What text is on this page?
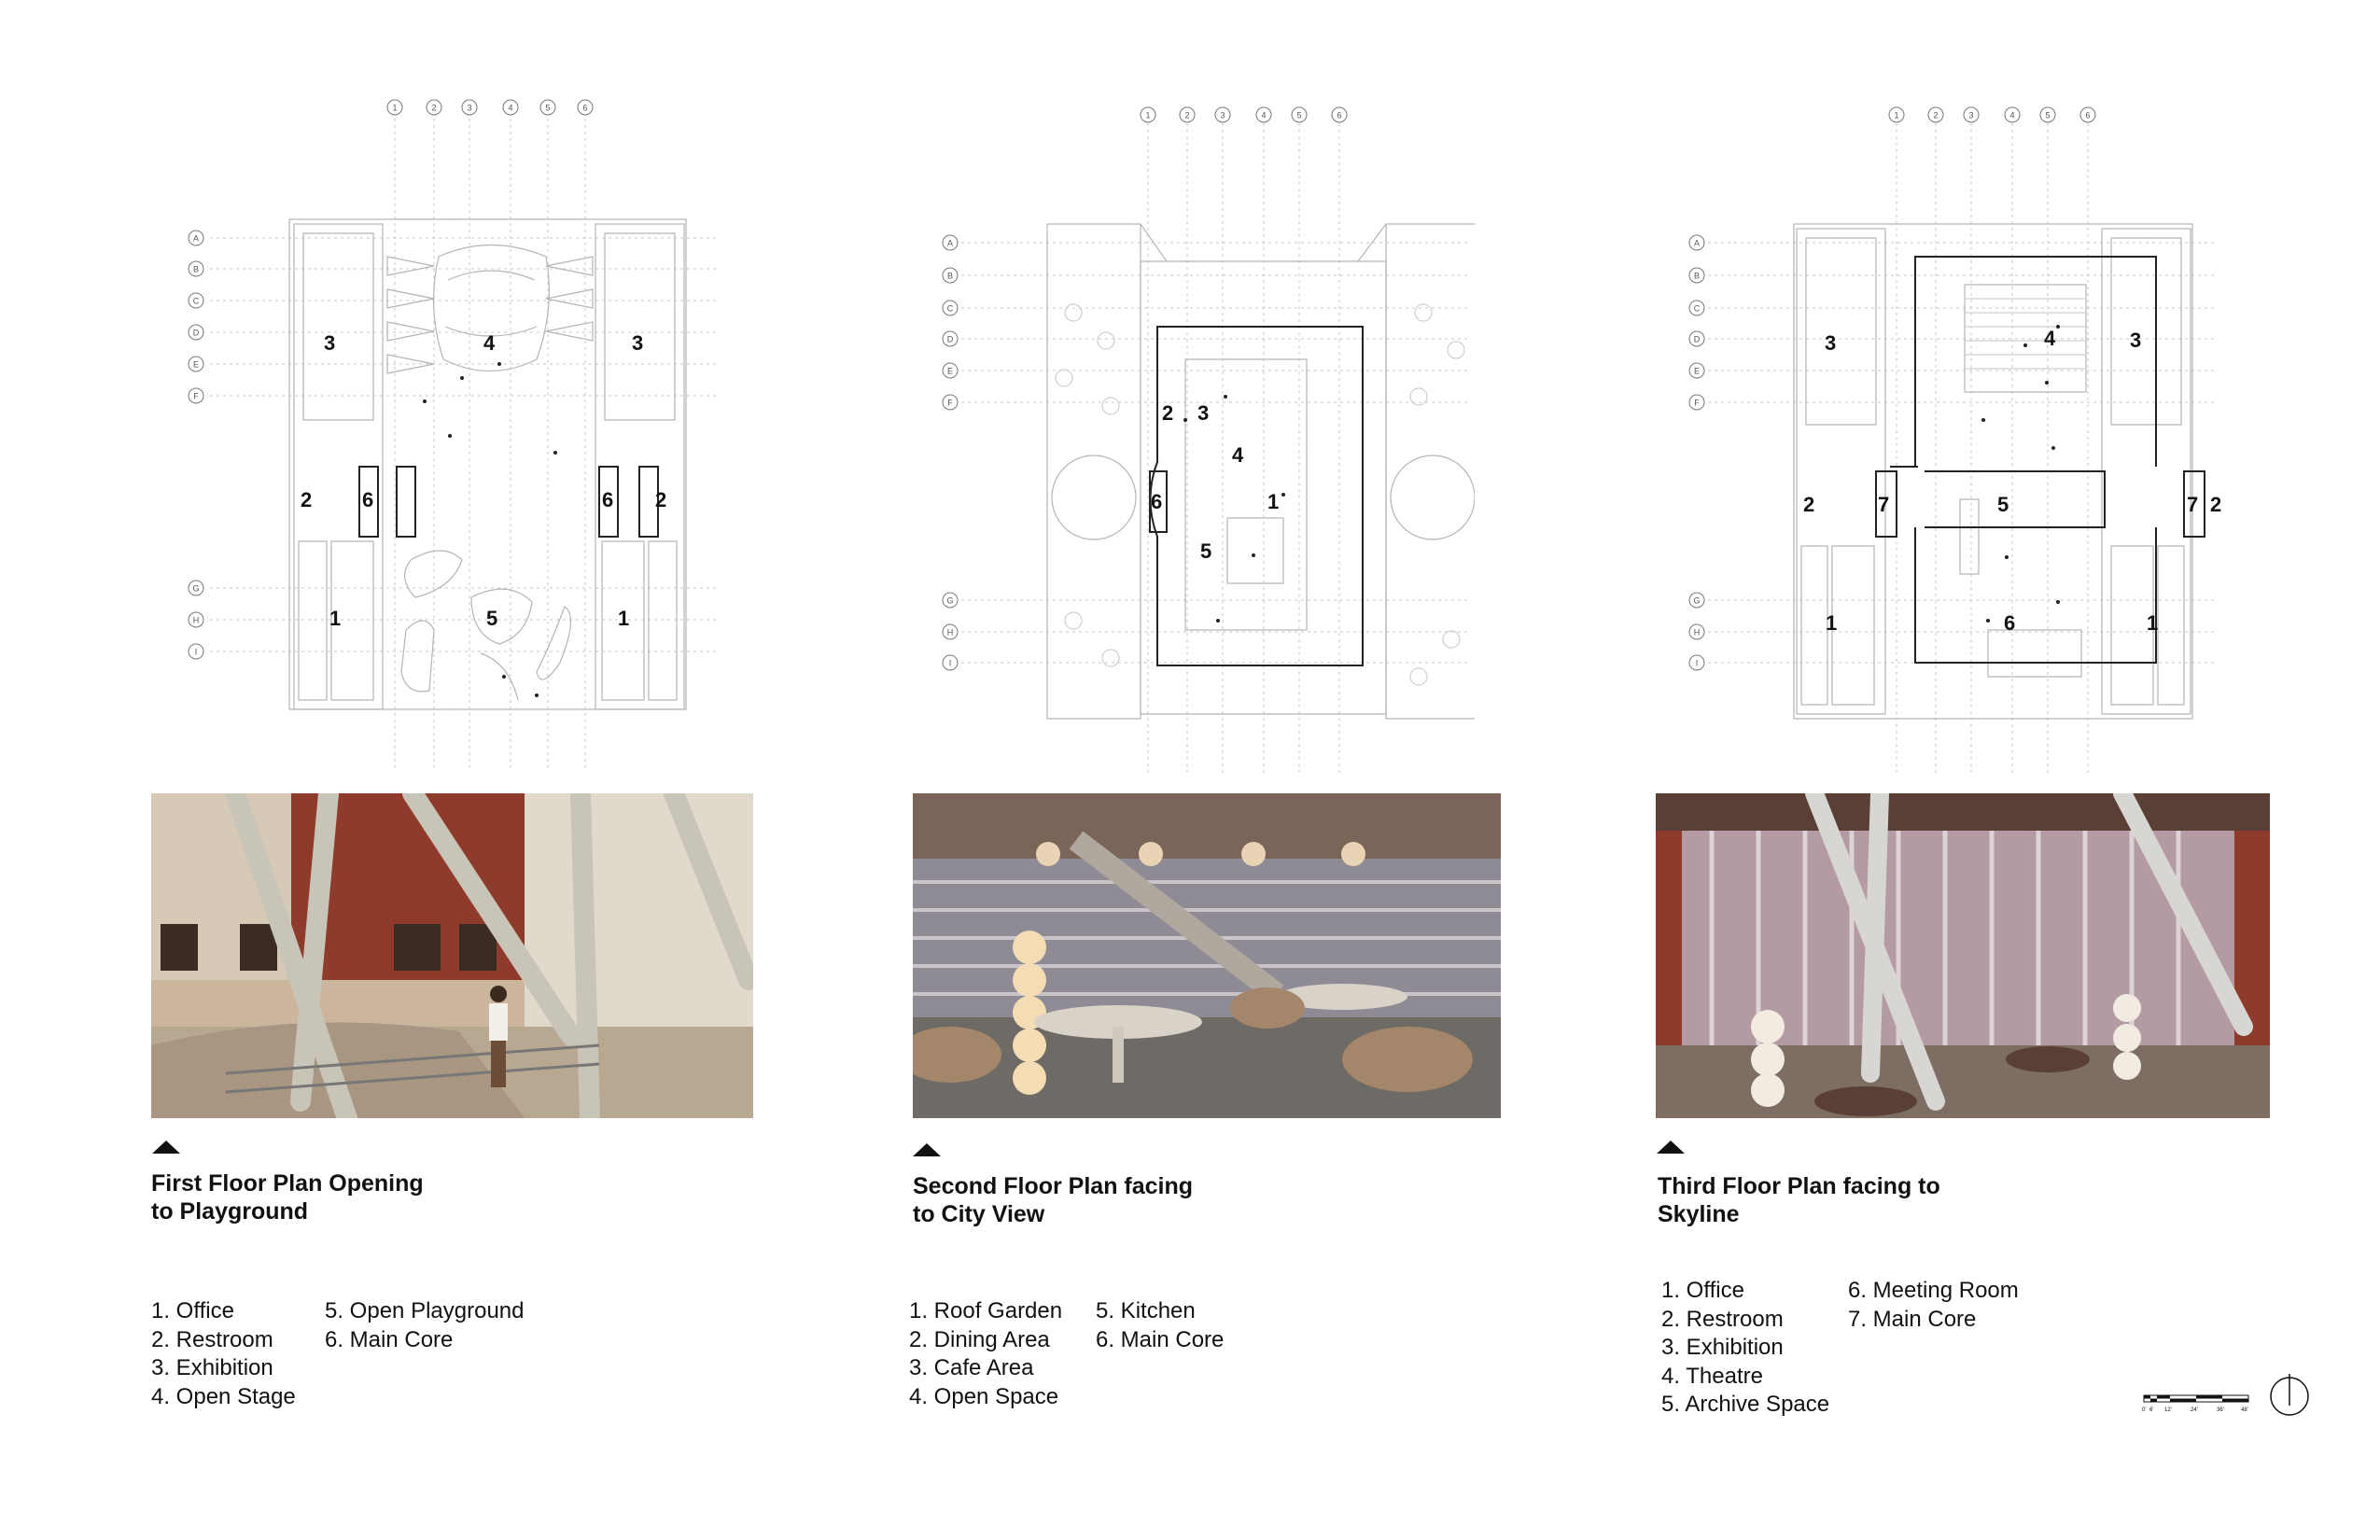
3	4	3
2 6	6 2
1	5	1
1	2	3	4	5	6
A
B
C
D
E
F
G
H
I
First Floor Plan Opening
to Playground
1. Office
2. Restroom
3. Exhibition
4. Open Stage
5. Open Playground
6. Main Core
2 3
4
6	1
5
1	2	3	4	5	6
A
B
C
D
E
F
G
H
I
Second Floor Plan facing
to City View
1. Roof Garden
2. Dining Area
3. Cafe Area
4. Open Space
5. Kitchen
6. Main Core
3	4	3
2	7	5	7 2
1	6	1
1	2	3	4	5	6
A
B
C
D
E
F
G
H
I
Third Floor Plan facing to
Skyline
1. Office
2. Restroom
3. Exhibition
4. Theatre
5. Archive Space
6. Meeting Room
7. Main Core
0' 6' 12'	24'	36'	48'
